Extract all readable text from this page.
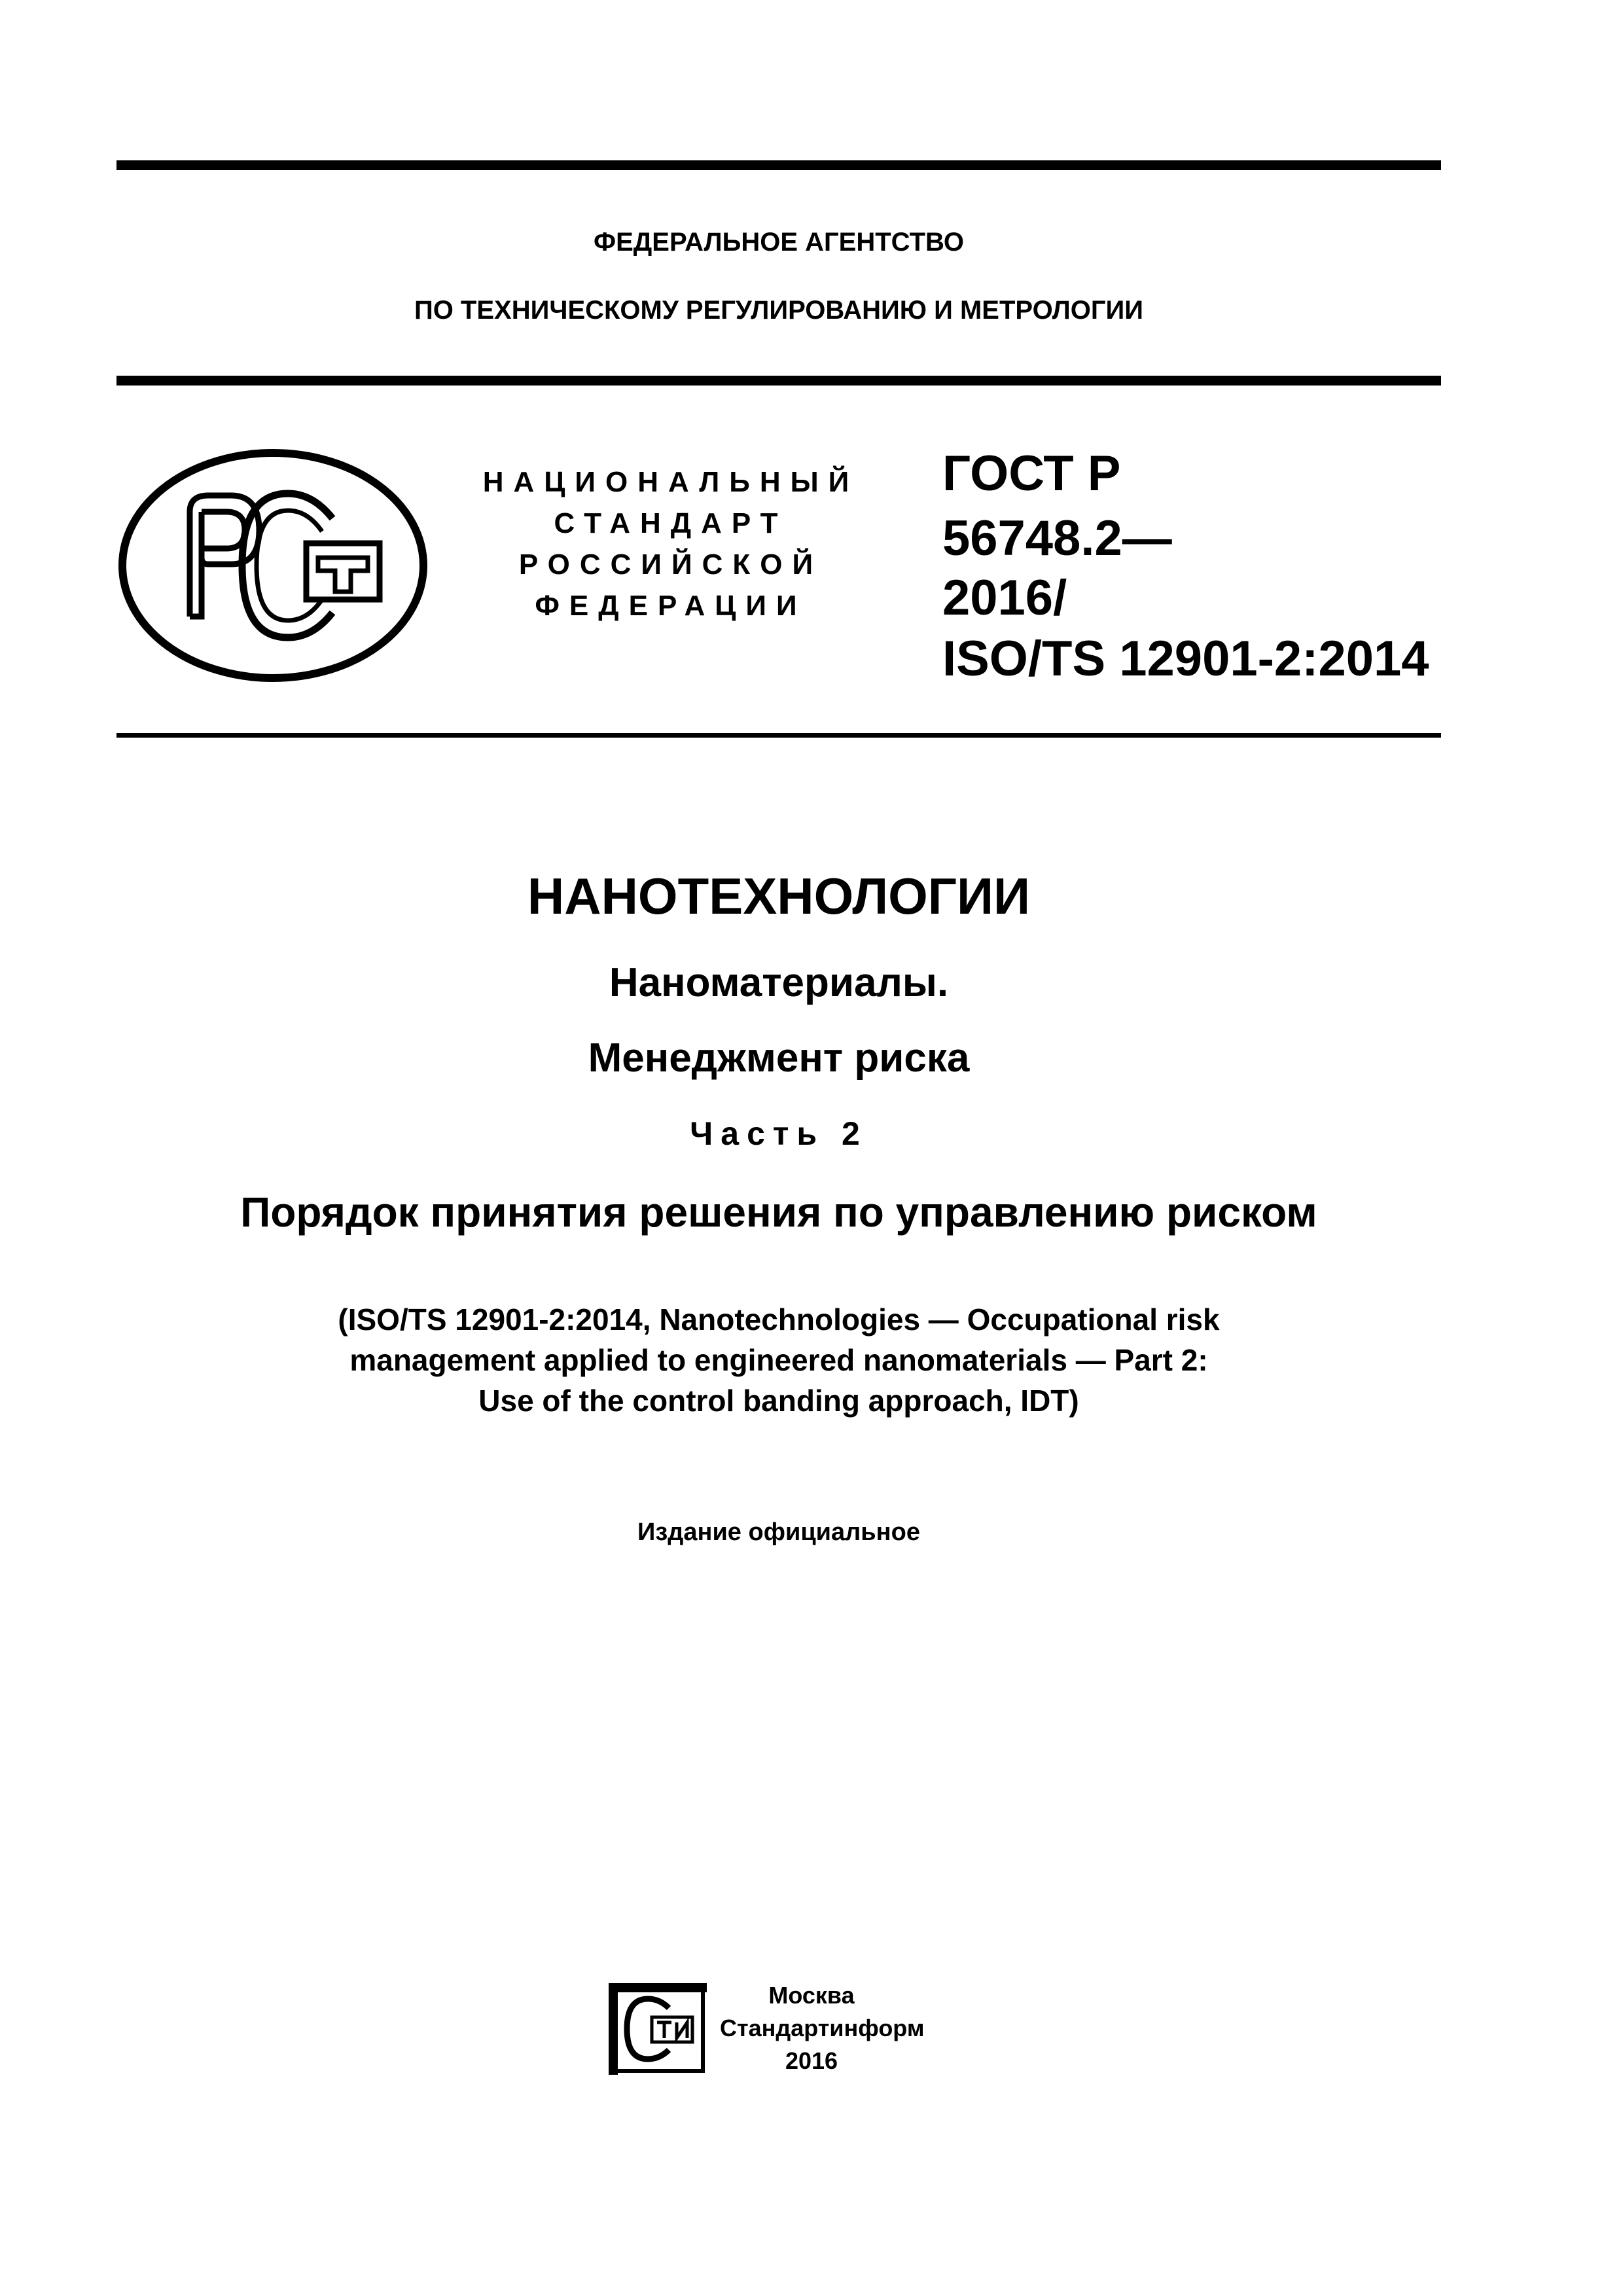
ФЕДЕРАЛЬНОЕ АГЕНТСТВО
ПО ТЕХНИЧЕСКОМУ РЕГУЛИРОВАНИЮ И МЕТРОЛОГИИ
НАЦИОНАЛЬНЫЙ
СТАНДАРТ
РОССИЙСКОЙ
ФЕДЕРАЦИИ
ГОСТ Р
56748.2—
2016/
ISO/TS 12901-2:2014
НАНОТЕХНОЛОГИИ
Наноматериалы.
Менеджмент риска
Часть 2
Порядок принятия решения по управлению риском
(ISO/TS 12901-2:2014, Nanotechnologies — Occupational risk
management applied to engineered nanomaterials — Part 2:
Use of the control banding approach, IDT)
Издание официальное
Москва
Стандартинформ
2016
